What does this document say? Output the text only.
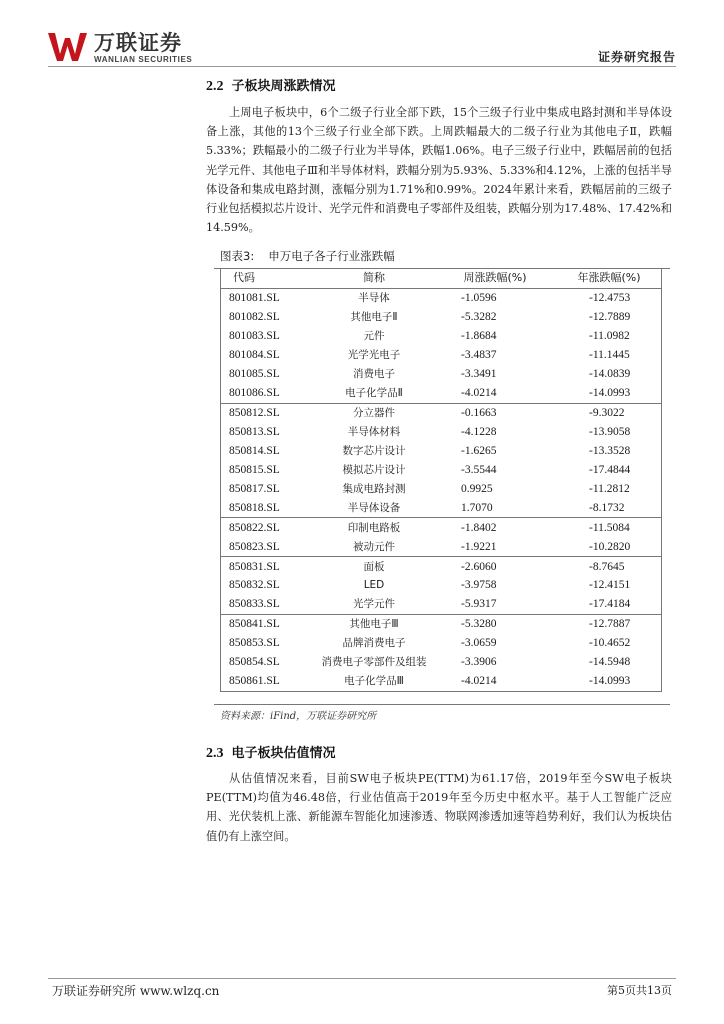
万联证券
WANLIAN SECURITIES	证券研究报告
2.2 子板块周涨跌情况

上周电子板块中，6个二级子行业全部下跌，15个三级子行业中集成电路封测和半导体设备上涨，其他的13个三级子行业全部下跌。上周跌幅最大的二级子行业为其他电子Ⅱ，跌幅5.33%；跌幅最小的二级子行业为半导体，跌幅1.06%。电子三级子行业中，跌幅居前的包括光学元件、其他电子Ⅲ和半导体材料，跌幅分别为5.93%、5.33%和4.12%，上涨的包括半导体设备和集成电路封测，涨幅分别为1.71%和0.99%。2024年累计来看，跌幅居前的三级子行业包括模拟芯片设计、光学元件和消费电子零部件及组装，跌幅分别为17.48%、17.42%和14.59%。

图表3: 申万电子各子行业涨跌幅
代码	简称	周涨跌幅(%)	年涨跌幅(%)
801081.SL	半导体	-1.0596	-12.4753
801082.SL	其他电子Ⅱ	-5.3282	-12.7889
801083.SL	元件	-1.8684	-11.0982
801084.SL	光学光电子	-3.4837	-11.1445
801085.SL	消费电子	-3.3491	-14.0839
801086.SL	电子化学品Ⅱ	-4.0214	-14.0993
850812.SL	分立器件	-0.1663	-9.3022
850813.SL	半导体材料	-4.1228	-13.9058
850814.SL	数字芯片设计	-1.6265	-13.3528
850815.SL	模拟芯片设计	-3.5544	-17.4844
850817.SL	集成电路封测	0.9925	-11.2812
850818.SL	半导体设备	1.7070	-8.1732
850822.SL	印制电路板	-1.8402	-11.5084
850823.SL	被动元件	-1.9221	-10.2820
850831.SL	面板	-2.6060	-8.7645
850832.SL	LED	-3.9758	-12.4151
850833.SL	光学元件	-5.9317	-17.4184
850841.SL	其他电子Ⅲ	-5.3280	-12.7887
850853.SL	品牌消费电子	-3.0659	-10.4652
850854.SL	消费电子零部件及组装	-3.3906	-14.5948
850861.SL	电子化学品Ⅲ	-4.0214	-14.0993
资料来源：iFind，万联证券研究所
2.3 电子板块估值情况

从估值情况来看，目前SW电子板块PE(TTM)为61.17倍，2019年至今SW电子板块PE(TTM)均值为46.48倍，行业估值高于2019年至今历史中枢水平。基于人工智能广泛应用、光伏装机上涨、新能源车智能化加速渗透、物联网渗透加速等趋势利好，我们认为板块估值仍有上涨空间。

万联证券研究所 www.wlzq.cn	第5页共13页
